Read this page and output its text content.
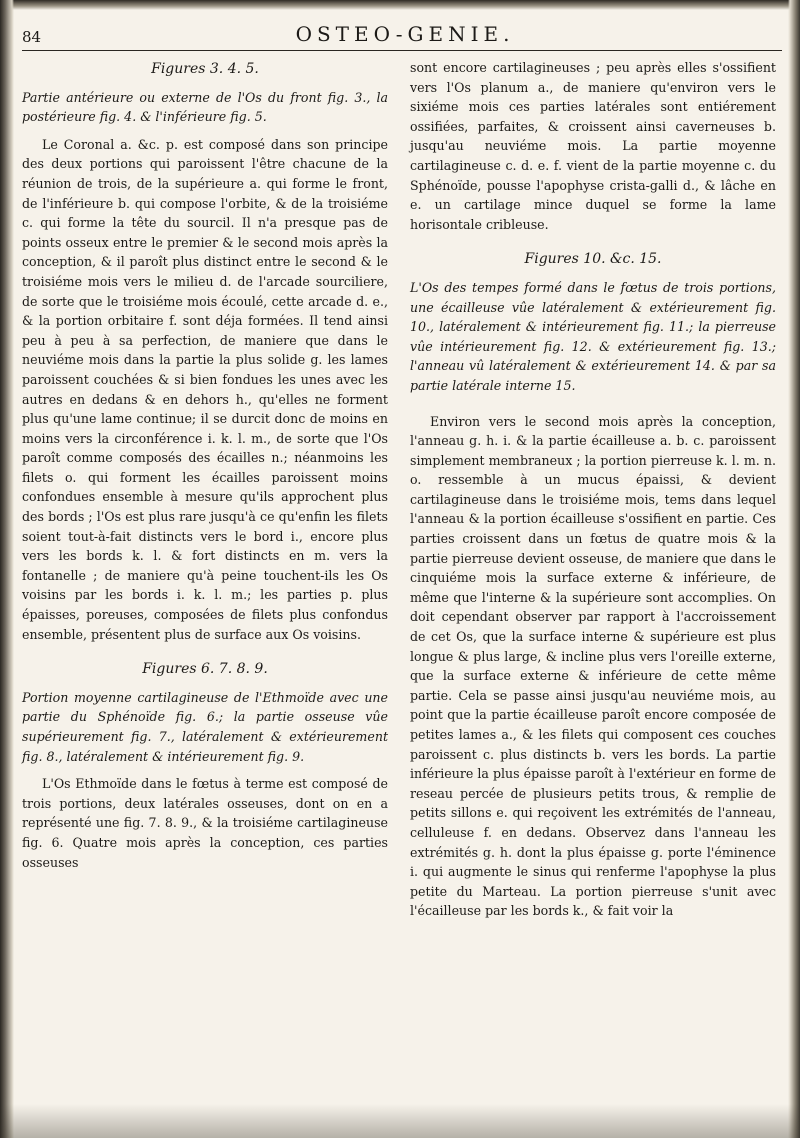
84	OSTEO-GENIE.
Figures 3. 4. 5.

Partie antérieure ou externe de l'Os du front fig. 3., la postérieure fig. 4. & l'inférieure fig. 5.

Le Coronal a. &c. p. est composé dans son principe des deux portions qui paroissent l'être chacune de la réunion de trois, de la supérieure a. qui forme le front, de l'inférieure b. qui compose l'orbite, & de la troisiéme c. qui forme la tête du sourcil. Il n'a presque pas de points osseux entre le premier & le second mois après la conception, & il paroît plus distinct entre le second & le troisiéme mois vers le milieu d. de l'arcade sourciliere, de sorte que le troisiéme mois écoulé, cette arcade d. e., & la portion orbitaire f. sont déja formées. Il tend ainsi peu à peu à sa perfection, de maniere que dans le neuviéme mois dans la partie la plus solide g. les lames paroissent couchées & si bien fondues les unes avec les autres en dedans & en dehors h., qu'elles ne forment plus qu'une lame continue; il se durcit donc de moins en moins vers la circonférence i. k. l. m., de sorte que l'Os paroît comme composés des écailles n.; néanmoins les filets o. qui forment les écailles paroissent moins confondues ensemble à mesure qu'ils approchent plus des bords ; l'Os est plus rare jusqu'à ce qu'enfin les filets soient tout-à-fait distincts vers le bord i., encore plus vers les bords k. l. & fort distincts en m. vers la fontanelle ; de maniere qu'à peine touchent-ils les Os voisins par les bords i. k. l. m.; les parties p. plus épaisses, poreuses, composées de filets plus confondus ensemble, présentent plus de surface aux Os voisins.

Figures 6. 7. 8. 9.

Portion moyenne cartilagineuse de l'Ethmoïde avec une partie du Sphénoïde fig. 6.; la partie osseuse vûe supérieurement fig. 7., latéralement & extérieurement fig. 8., latéralement & intérieurement fig. 9.

L'Os Ethmoïde dans le fœtus à terme est composé de trois portions, deux latérales osseuses, dont on en a représenté une fig. 7. 8. 9., & la troisiéme cartilagineuse fig. 6. Quatre mois après la conception, ces parties osseuses

sont encore cartilagineuses ; peu après elles s'ossifient vers l'Os planum a., de maniere qu'environ vers le sixiéme mois ces parties latérales sont entiérement ossifiées, parfaites, & croissent ainsi caverneuses b. jusqu'au neuviéme mois. La partie moyenne cartilagineuse c. d. e. f. vient de la partie moyenne c. du Sphénoïde, pousse l'apophyse crista-galli d., & lâche en e. un cartilage mince duquel se forme la lame horisontale cribleuse.

Figures 10. &c. 15.

L'Os des tempes formé dans le fœtus de trois portions, une écailleuse vûe latéralement & extérieurement fig. 10., latéralement & intérieurement fig. 11.; la pierreuse vûe intérieurement fig. 12. & extérieurement fig. 13.; l'anneau vû latéralement & extérieurement 14. & par sa partie latérale interne 15.

Environ vers le second mois après la conception, l'anneau g. h. i. & la partie écailleuse a. b. c. paroissent simplement membraneux ; la portion pierreuse k. l. m. n. o. ressemble à un mucus épaissi, & devient cartilagineuse dans le troisiéme mois, tems dans lequel l'anneau & la portion écailleuse s'ossifient en partie. Ces parties croissent dans un fœtus de quatre mois & la partie pierreuse devient osseuse, de maniere que dans le cinquiéme mois la surface externe & inférieure, de même que l'interne & la supérieure sont accomplies. On doit cependant observer par rapport à l'accroissement de cet Os, que la surface interne & supérieure est plus longue & plus large, & incline plus vers l'oreille externe, que la surface externe & inférieure de cette même partie. Cela se passe ainsi jusqu'au neuviéme mois, au point que la partie écailleuse paroît encore composée de petites lames a., & les filets qui composent ces couches paroissent c. plus distincts b. vers les bords. La partie inférieure la plus épaisse paroît à l'extérieur en forme de reseau percée de plusieurs petits trous, & remplie de petits sillons e. qui reçoivent les extrémités de l'anneau, celluleuse f. en dedans. Observez dans l'anneau les extrémités g. h. dont la plus épaisse g. porte l'éminence i. qui augmente le sinus qui renferme l'apophyse la plus petite du Marteau. La portion pierreuse s'unit avec l'écailleuse par les bords k., & fait voir la
